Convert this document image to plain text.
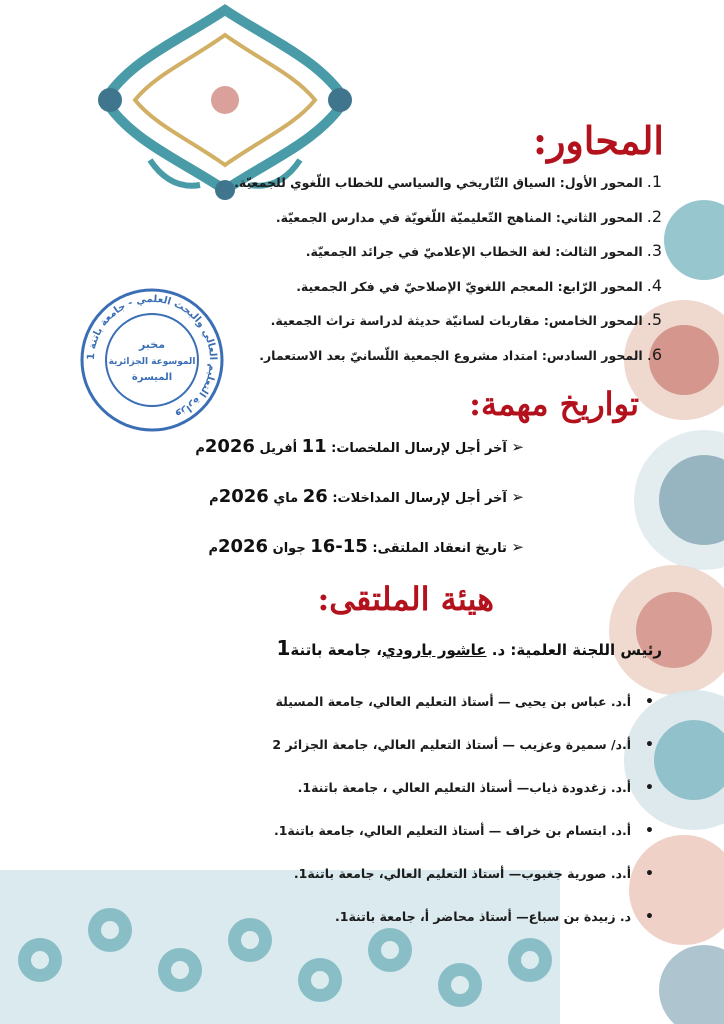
المحاور:
1.المحور الأول: السياق التّاريخي والسياسي للخطاب اللّغوي للجمعيّة.
2.المحور الثاني: المناهج التّعليميّة اللّغويّة في مدارس الجمعيّة.
3.المحور الثالث: لغة الخطاب الإعلاميّ في جرائد الجمعيّة.
4.المحور الرّابع: المعجم اللغويّ الإصلاحيّ في فكر الجمعية.
5.المحور الخامس: مقاربات لسانيّة حديثة لدراسة تراث الجمعية.
6.المحور السادس: امتداد مشروع الجمعية اللّسانيّ بعد الاستعمار.
وزارة التعليم العالي والبحث العلمي - جامعة باتنة 1
مخبر
الموسوعة الجزائرية
الميسرة
تواريخ مهمة:
➢ آخر أجل لإرسال الملخصات: 11 أفريل 2026م
➢ آخر أجل لإرسال المداخلات: 26 ماي 2026م
➢ تاريخ انعقاد الملتقى: 15-16 جوان 2026م
هيئة الملتقى:
رئيس اللجنة العلمية: د. عاشور بارودي، جامعة باتنة1
•
أ.د. عباس بن يحيى — أستاذ التعليم العالي، جامعة المسيلة
•
أ.د/ سميرة وعزيب — أستاذ التعليم العالي، جامعة الجزائر 2
•
أ.د. زغدودة ذياب— أستاذ التعليم العالي ، جامعة باتنة1.
•
أ.د. ابتسام بن خراف — أستاذ التعليم العالي، جامعة باتنة1.
•
أ.د. صورية جغبوب— أستاذ التعليم العالي، جامعة باتنة1.
•
د. زبيدة بن سباع— أستاذ محاضر أ، جامعة باتنة1.
